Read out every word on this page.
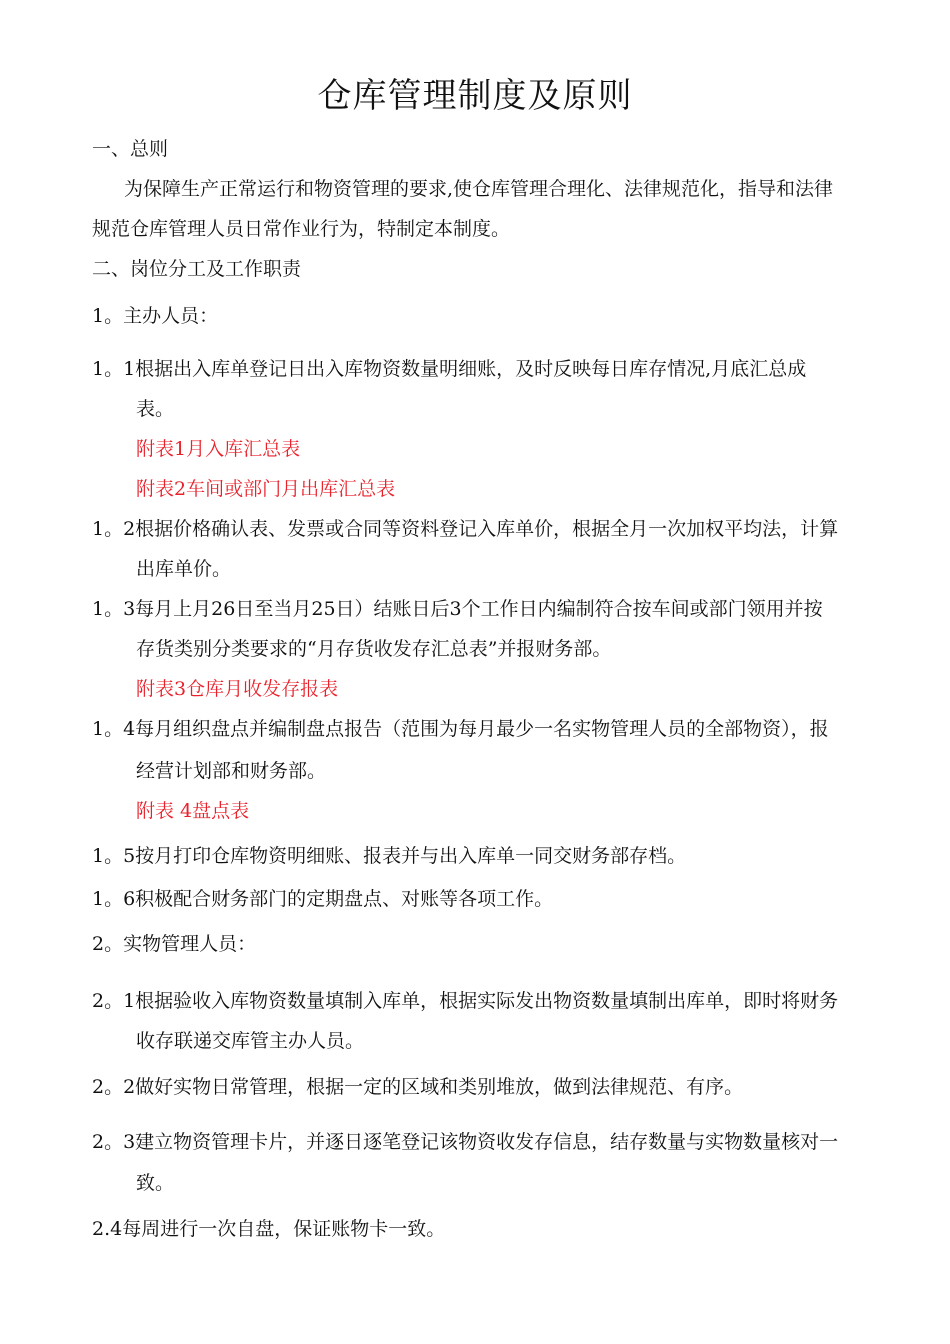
仓库管理制度及原则
一、总则
为保障生产正常运行和物资管理的要求,使仓库管理合理化、法律规范化，指导和法律
规范仓库管理人员日常作业行为，特制定本制度。
二、岗位分工及工作职责
1。主办人员：
1。1根据出入库单登记日出入库物资数量明细账，及时反映每日库存情况,月底汇总成
表。
附表1月入库汇总表
附表2车间或部门月出库汇总表
1。2根据价格确认表、发票或合同等资料登记入库单价，根据全月一次加权平均法，计算
出库单价。
1。3每月上月26日至当月25日）结账日后3个工作日内编制符合按车间或部门领用并按
存货类别分类要求的“月存货收发存汇总表”并报财务部。
附表3仓库月收发存报表
1。4每月组织盘点并编制盘点报告（范围为每月最少一名实物管理人员的全部物资），报
经营计划部和财务部。
附表 4盘点表
1。5按月打印仓库物资明细账、报表并与出入库单一同交财务部存档。
1。6积极配合财务部门的定期盘点、对账等各项工作。
2。实物管理人员：
2。1根据验收入库物资数量填制入库单，根据实际发出物资数量填制出库单，即时将财务
收存联递交库管主办人员。
2。2做好实物日常管理，根据一定的区域和类别堆放，做到法律规范、有序。
2。3建立物资管理卡片，并逐日逐笔登记该物资收发存信息，结存数量与实物数量核对一
致。
2.4每周进行一次自盘，保证账物卡一致。
